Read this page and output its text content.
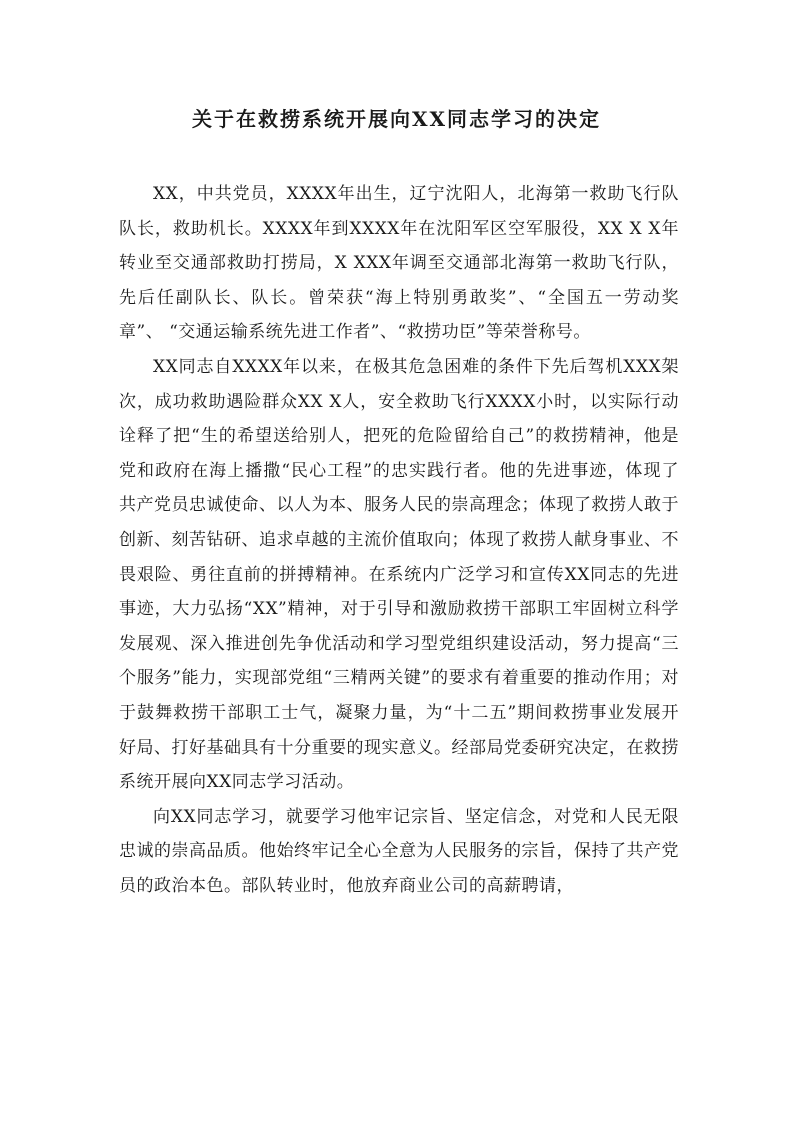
关于在救捞系统开展向XX同志学习的决定

XX，中共党员，XXXX年出生，辽宁沈阳人，北海第一救助飞行队队长，救助机长。XXXX年到XXXX年在沈阳军区空军服役，XX X X年转业至交通部救助打捞局，X XXX年调至交通部北海第一救助飞行队，先后任副队长、队长。曾荣获“海上特别勇敢奖”、“全国五一劳动奖章”、 “交通运输系统先进工作者”、“救捞功臣”等荣誉称号。

XX同志自XXXX年以来，在极其危急困难的条件下先后驾机XXX架次，成功救助遇险群众XX X人，安全救助飞行XXXX小时，以实际行动诠释了把“生的希望送给别人，把死的危险留给自己”的救捞精神，他是党和政府在海上播撒“民心工程”的忠实践行者。他的先进事迹，体现了共产党员忠诚使命、以人为本、服务人民的崇高理念；体现了救捞人敢于创新、刻苦钻研、追求卓越的主流价值取向；体现了救捞人献身事业、不畏艰险、勇往直前的拼搏精神。在系统内广泛学习和宣传XX同志的先进事迹，大力弘扬“XX”精神，对于引导和激励救捞干部职工牢固树立科学发展观、深入推进创先争优活动和学习型党组织建设活动，努力提高“三个服务”能力，实现部党组“三精两关键”的要求有着重要的推动作用；对于鼓舞救捞干部职工士气，凝聚力量，为“十二五”期间救捞事业发展开好局、打好基础具有十分重要的现实意义。经部局党委研究决定，在救捞系统开展向XX同志学习活动。

向XX同志学习，就要学习他牢记宗旨、坚定信念，对党和人民无限忠诚的崇高品质。他始终牢记全心全意为人民服务的宗旨，保持了共产党员的政治本色。部队转业时，他放弃商业公司的高薪聘请，
